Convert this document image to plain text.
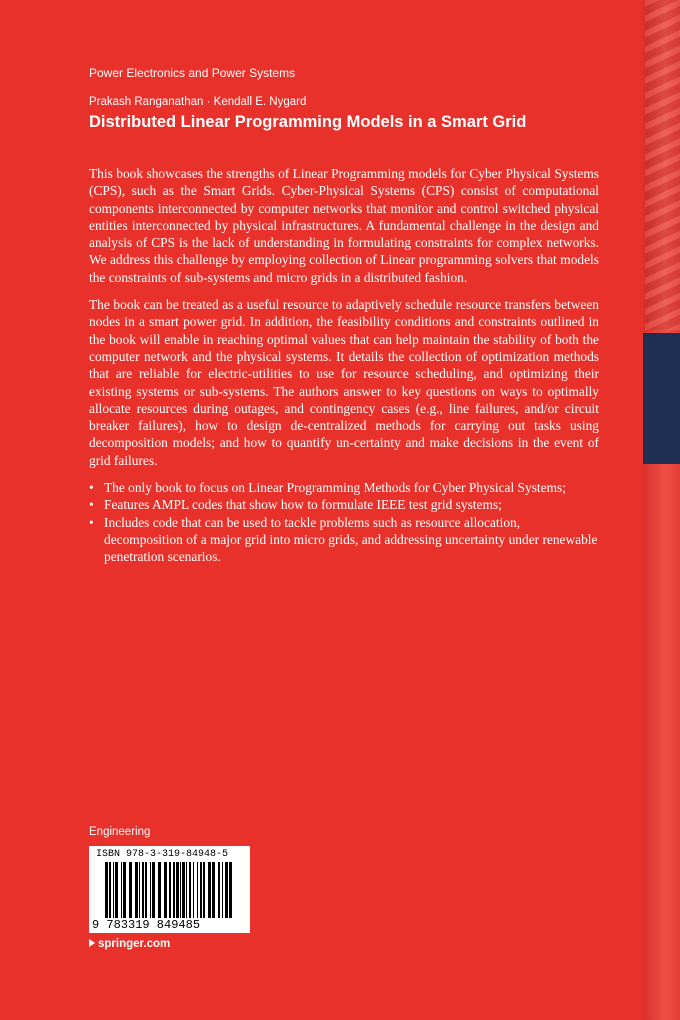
Power Electronics and Power Systems
Prakash Ranganathan · Kendall E. Nygard
Distributed Linear Programming Models in a Smart Grid

This book showcases the strengths of Linear Programming models for Cyber Physical Systems (CPS), such as the Smart Grids. Cyber-Physical Systems (CPS) consist of computational components interconnected by computer networks that monitor and control switched physical entities interconnected by physical infrastructures. A fundamental challenge in the design and analysis of CPS is the lack of understanding in formulating constraints for complex networks. We address this challenge by employing collection of Linear programming solvers that models the constraints of sub-systems and micro grids in a distributed fashion.

The book can be treated as a useful resource to adaptively schedule resource transfers between nodes in a smart power grid. In addition, the feasibility conditions and constraints outlined in the book will enable in reaching optimal values that can help maintain the stability of both the computer network and the physical systems. It details the collection of optimization methods that are reliable for electric-utilities to use for resource scheduling, and optimizing their existing systems or sub-systems. The authors answer to key questions on ways to optimally allocate resources during outages, and contingency cases (e.g., line failures, and/or circuit breaker failures), how to design de-centralized methods for carrying out tasks using decomposition models; and how to quantify un-certainty and make decisions in the event of grid failures.

• The only book to focus on Linear Programming Methods for Cyber Physical Systems;
• Features AMPL codes that show how to formulate IEEE test grid systems;
• Includes code that can be used to tackle problems such as resource allocation, decomposition of a major grid into micro grids, and addressing uncertainty under renewable penetration scenarios.
Engineering
ISBN 978-3-319-84948-5
9 783319 849485
springer.com
